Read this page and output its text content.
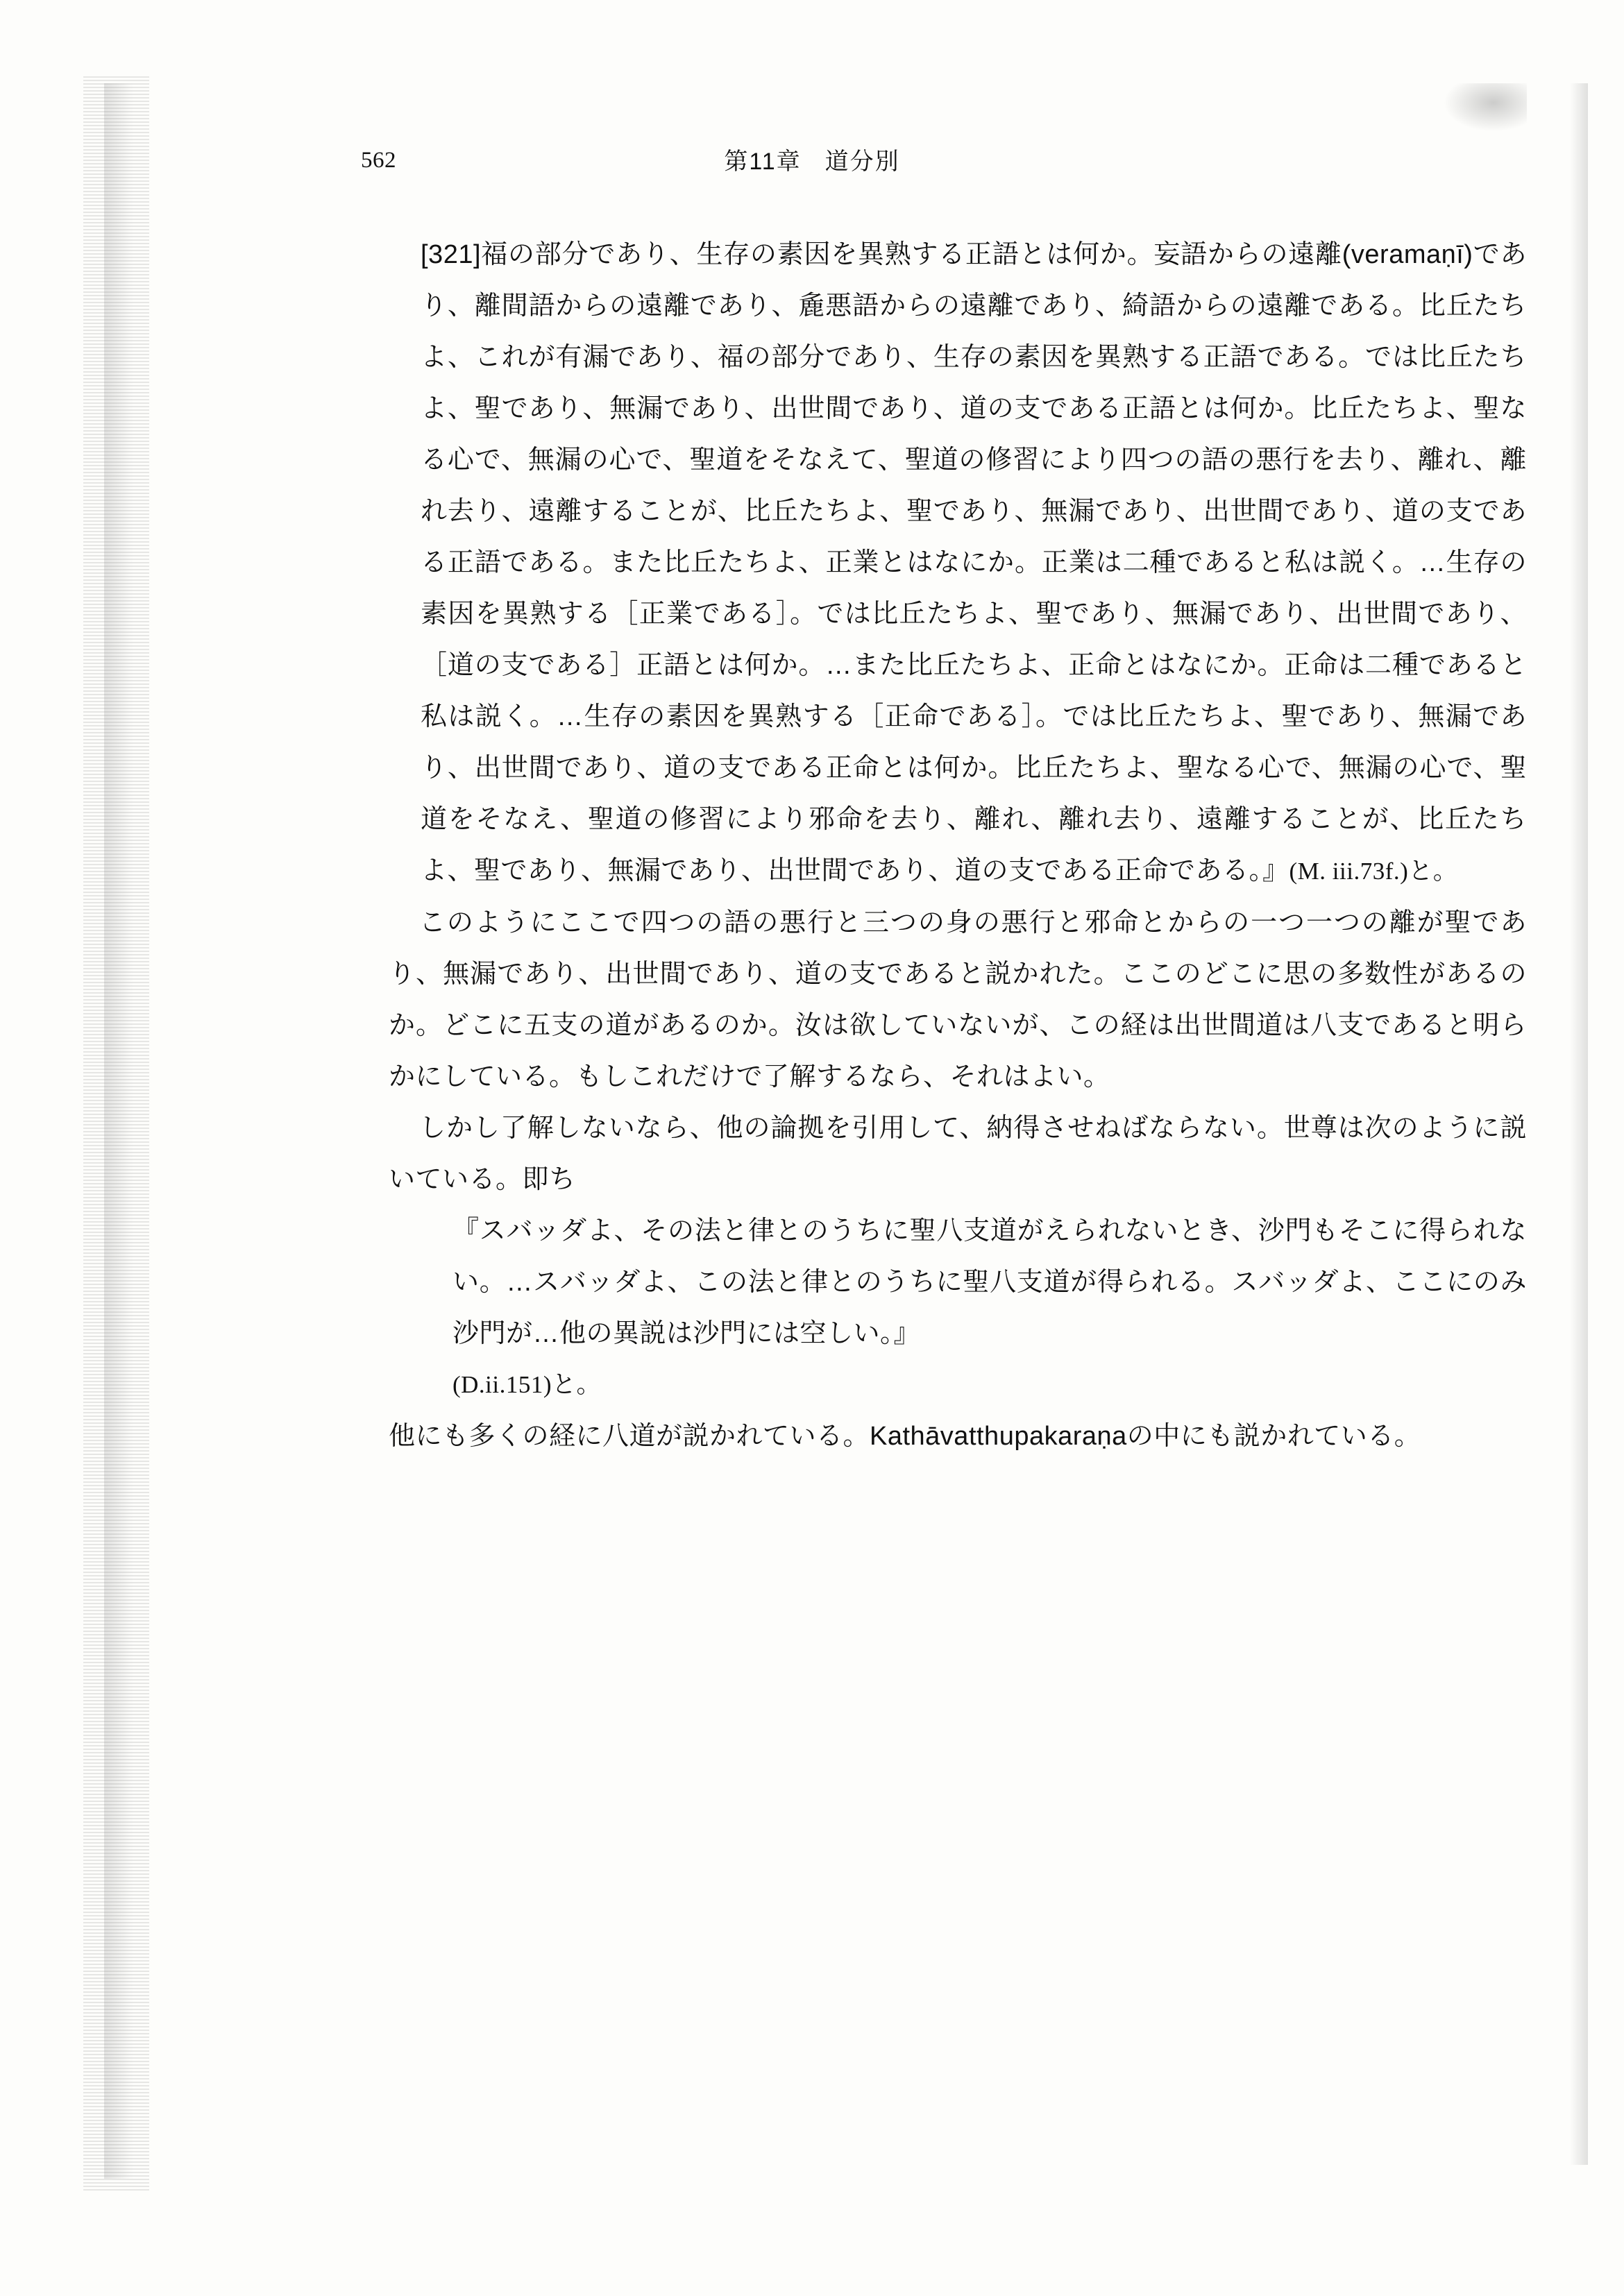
562	第11章 道分別

[321]福の部分であり、生存の素因を異熟する正語とは何か。妄語からの遠離(veramaṇī)であり、離間語からの遠離であり、麁悪語からの遠離であり、綺語からの遠離である。比丘たちよ、これが有漏であり、福の部分であり、生存の素因を異熟する正語である。では比丘たちよ、聖であり、無漏であり、出世間であり、道の支である正語とは何か。比丘たちよ、聖なる心で、無漏の心で、聖道をそなえて、聖道の修習により四つの語の悪行を去り、離れ、離れ去り、遠離することが、比丘たちよ、聖であり、無漏であり、出世間であり、道の支である正語である。また比丘たちよ、正業とはなにか。正業は二種であると私は説く。…生存の素因を異熟する［正業である］。では比丘たちよ、聖であり、無漏であり、出世間であり、［道の支である］正語とは何か。…また比丘たちよ、正命とはなにか。正命は二種であると私は説く。…生存の素因を異熟する［正命である］。では比丘たちよ、聖であり、無漏であり、出世間であり、道の支である正命とは何か。比丘たちよ、聖なる心で、無漏の心で、聖道をそなえ、聖道の修習により邪命を去り、離れ、離れ去り、遠離することが、比丘たちよ、聖であり、無漏であり、出世間であり、道の支である正命である。』(M. iii.73f.)と。

このようにここで四つの語の悪行と三つの身の悪行と邪命とからの一つ一つの離が聖であり、無漏であり、出世間であり、道の支であると説かれた。ここのどこに思の多数性があるのか。どこに五支の道があるのか。汝は欲していないが、この経は出世間道は八支であると明らかにしている。もしこれだけで了解するなら、それはよい。

しかし了解しないなら、他の論拠を引用して、納得させねばならない。世尊は次のように説いている。即ち

『スバッダよ、その法と律とのうちに聖八支道がえられないとき、沙門もそこに得られない。…スバッダよ、この法と律とのうちに聖八支道が得られる。スバッダよ、ここにのみ沙門が…他の異説は沙門には空しい。』

(D.ii.151)と。

他にも多くの経に八道が説かれている。Kathāvatthupakaraṇaの中にも説かれている。
